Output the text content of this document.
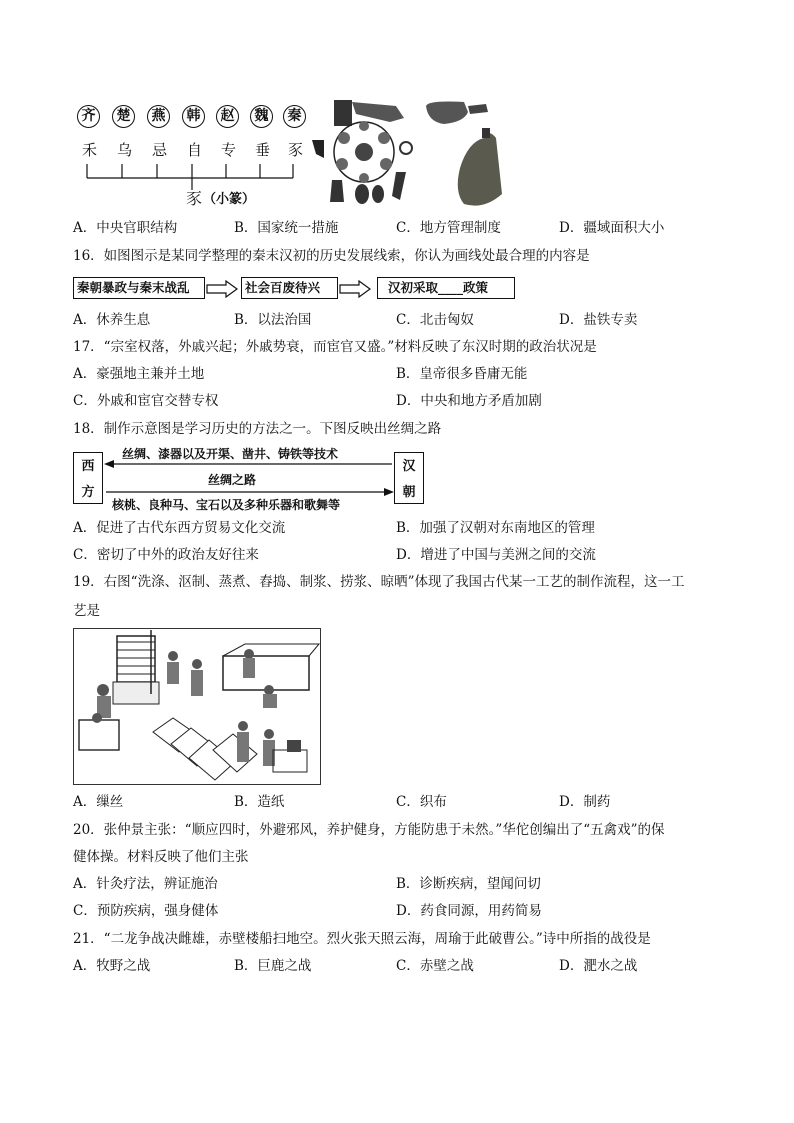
齐	楚	燕	韩	赵	魏	秦
禾 乌 忌 自 专 垂 豕
豕 （小篆）
A．中央官职结构	B．国家统一措施	C．地方管理制度	D．疆域面积大小
16．如图图示是某同学整理的秦末汉初的历史发展线索，你认为画线处最合理的内容是
秦朝暴政与秦末战乱	社会百废待兴	汉初采取____政策
A．休养生息	B．以法治国	C．北击匈奴	D．盐铁专卖
17．“宗室权落，外戚兴起；外戚势衰，而宦官又盛。”材料反映了东汉时期的政治状况是
A．豪强地主兼并土地	B．皇帝很多昏庸无能
C．外戚和宦官交替专权	D．中央和地方矛盾加剧
18．制作示意图是学习历史的方法之一。下图反映出丝绸之路
西
方
汉
朝
丝绸、漆器以及开渠、凿井、铸铁等技术
丝绸之路
核桃、良种马、宝石以及多种乐器和歌舞等
A．促进了古代东西方贸易文化交流	B．加强了汉朝对东南地区的管理
C．密切了中外的政治友好往来	D．增进了中国与美洲之间的交流
19．右图“洗涤、沤制、蒸煮、舂捣、制浆、捞浆、晾晒”体现了我国古代某一工艺的制作流程，这一工
艺是
A．缫丝	B．造纸	C．织布	D．制药
20．张仲景主张：“顺应四时，外避邪风，养护健身，方能防患于未然。”华佗创编出了“五禽戏”的保
健体操。材料反映了他们主张
A．针灸疗法，辨证施治	B．诊断疾病，望闻问切
C．预防疾病，强身健体	D．药食同源，用药简易
21．“二龙争战决雌雄，赤壁楼船扫地空。烈火张天照云海，周瑜于此破曹公。”诗中所指的战役是
A．牧野之战	B．巨鹿之战	C．赤壁之战	D．淝水之战
